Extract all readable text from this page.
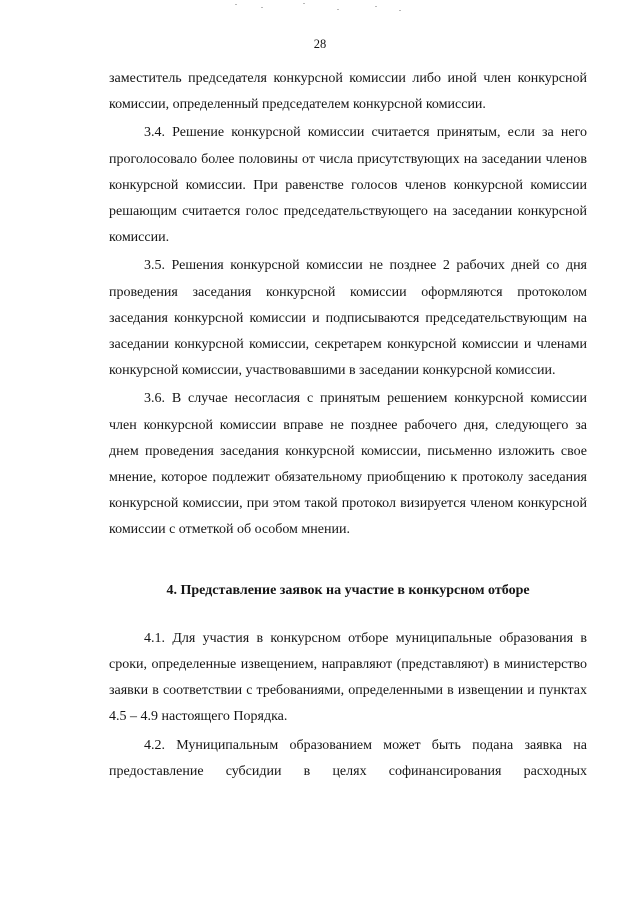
28

заместитель председателя конкурсной комиссии либо иной член конкурсной комиссии, определенный председателем конкурсной комиссии.

3.4. Решение конкурсной комиссии считается принятым, если за него проголосовало более половины от числа присутствующих на заседании членов конкурсной комиссии. При равенстве голосов членов конкурсной комиссии решающим считается голос председательствующего на заседании конкурсной комиссии.

3.5. Решения конкурсной комиссии не позднее 2 рабочих дней со дня проведения заседания конкурсной комиссии оформляются протоколом заседания конкурсной комиссии и подписываются председательствующим на заседании конкурсной комиссии, секретарем конкурсной комиссии и членами конкурсной комиссии, участвовавшими в заседании конкурсной комиссии.

3.6. В случае несогласия с принятым решением конкурсной комиссии член конкурсной комиссии вправе не позднее рабочего дня, следующего за днем проведения заседания конкурсной комиссии, письменно изложить свое мнение, которое подлежит обязательному приобщению к протоколу заседания конкурсной комиссии, при этом такой протокол визируется членом конкурсной комиссии с отметкой об особом мнении.

4. Представление заявок на участие в конкурсном отборе

4.1. Для участия в конкурсном отборе муниципальные образования в сроки, определенные извещением, направляют (представляют) в министерство заявки в соответствии с требованиями, определенными в извещении и пунктах 4.5 – 4.9 настоящего Порядка.

4.2. Муниципальным образованием может быть подана заявка на предоставление субсидии в целях софинансирования расходных
